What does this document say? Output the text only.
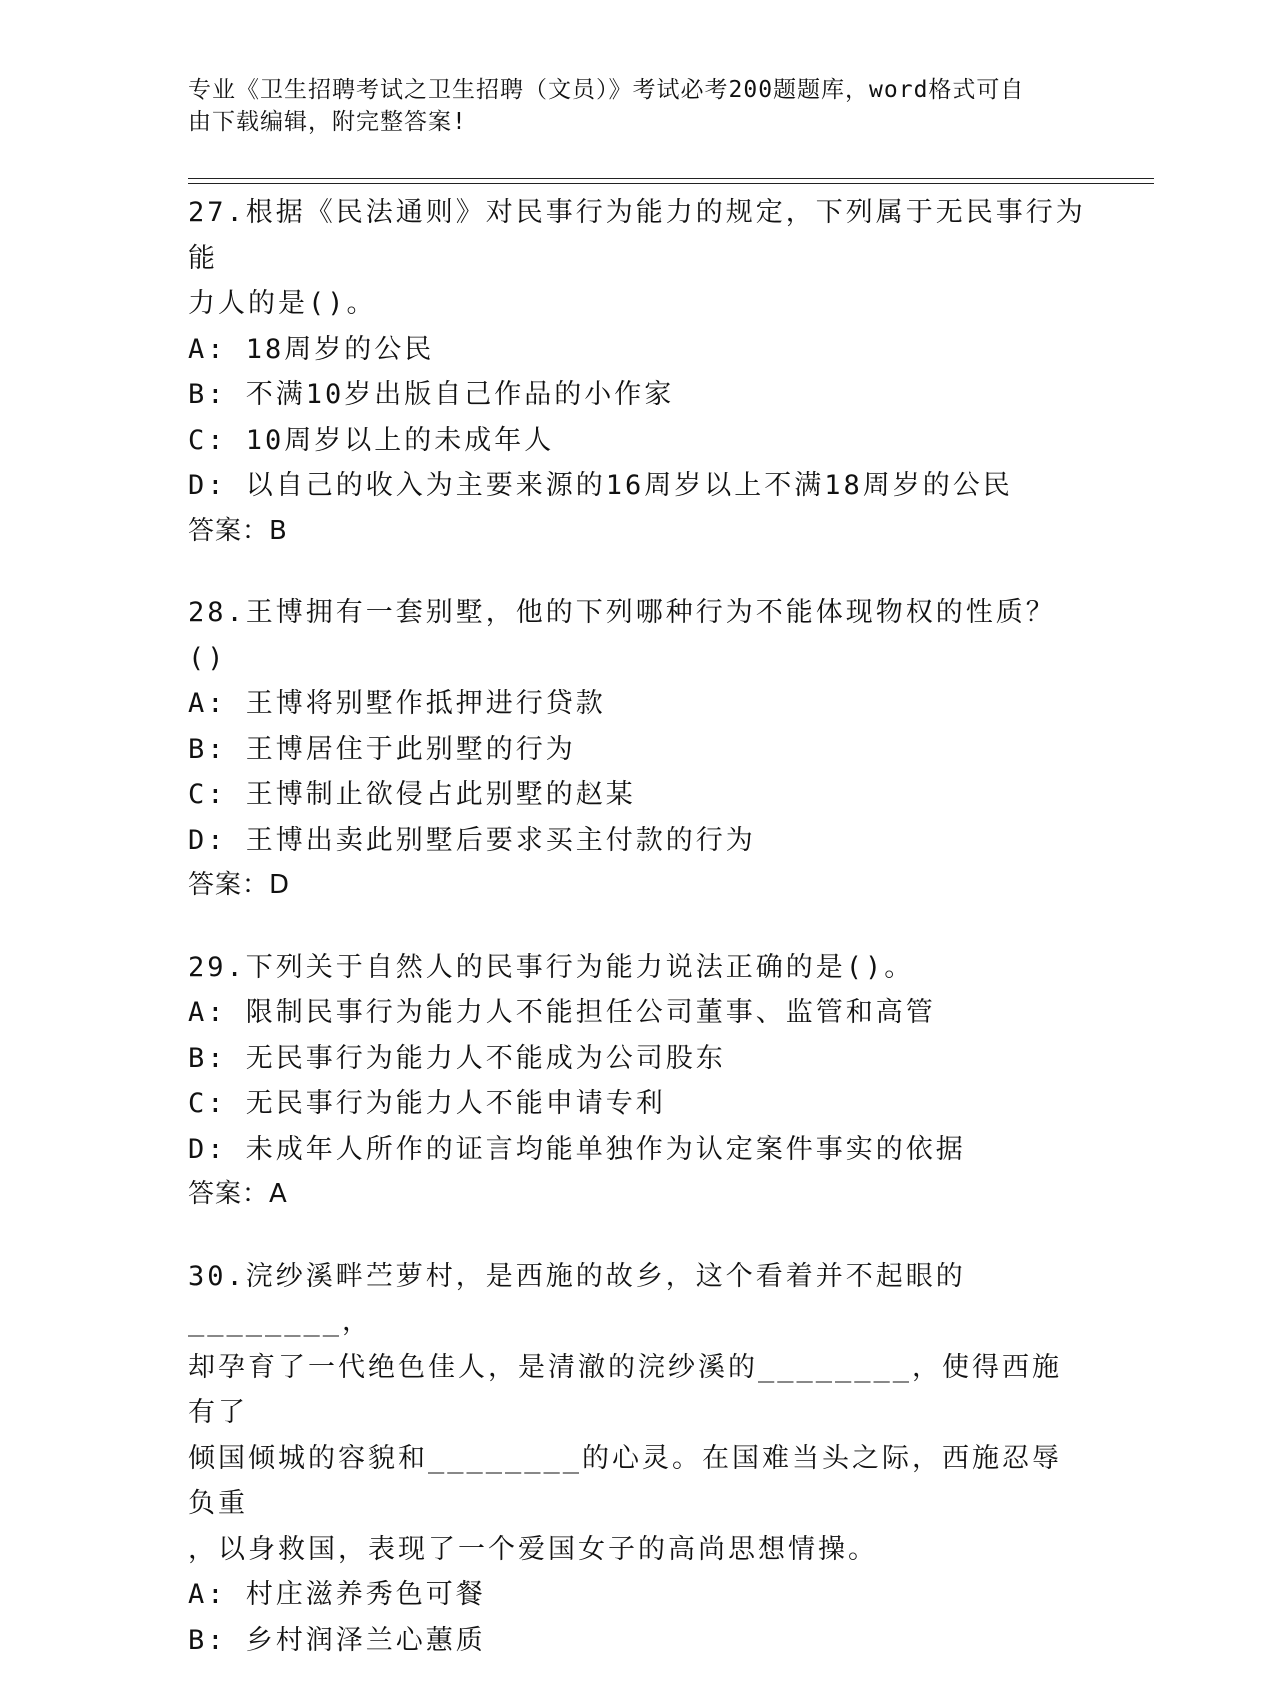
专业《卫生招聘考试之卫生招聘（文员）》考试必考200题题库，word格式可自
由下载编辑，附完整答案!
27.根据《民法通则》对民事行为能力的规定，下列属于无民事行为能
力人的是()。
A: 18周岁的公民
B: 不满10岁出版自己作品的小作家
C: 10周岁以上的未成年人
D: 以自己的收入为主要来源的16周岁以上不满18周岁的公民
答案：B
28.王博拥有一套别墅，他的下列哪种行为不能体现物权的性质？()
A: 王博将别墅作抵押进行贷款
B: 王博居住于此别墅的行为
C: 王博制止欲侵占此别墅的赵某
D: 王博出卖此别墅后要求买主付款的行为
答案：D
29.下列关于自然人的民事行为能力说法正确的是()。
A: 限制民事行为能力人不能担任公司董事、监管和高管
B: 无民事行为能力人不能成为公司股东
C: 无民事行为能力人不能申请专利
D: 未成年人所作的证言均能单独作为认定案件事实的依据
答案：A
30.浣纱溪畔苎萝村，是西施的故乡，这个看着并不起眼的________，
却孕育了一代绝色佳人，是清澈的浣纱溪的________，使得西施有了
倾国倾城的容貌和________的心灵。在国难当头之际，西施忍辱负重
，以身救国，表现了一个爱国女子的高尚思想情操。
A: 村庄滋养秀色可餐
B: 乡村润泽兰心蕙质
